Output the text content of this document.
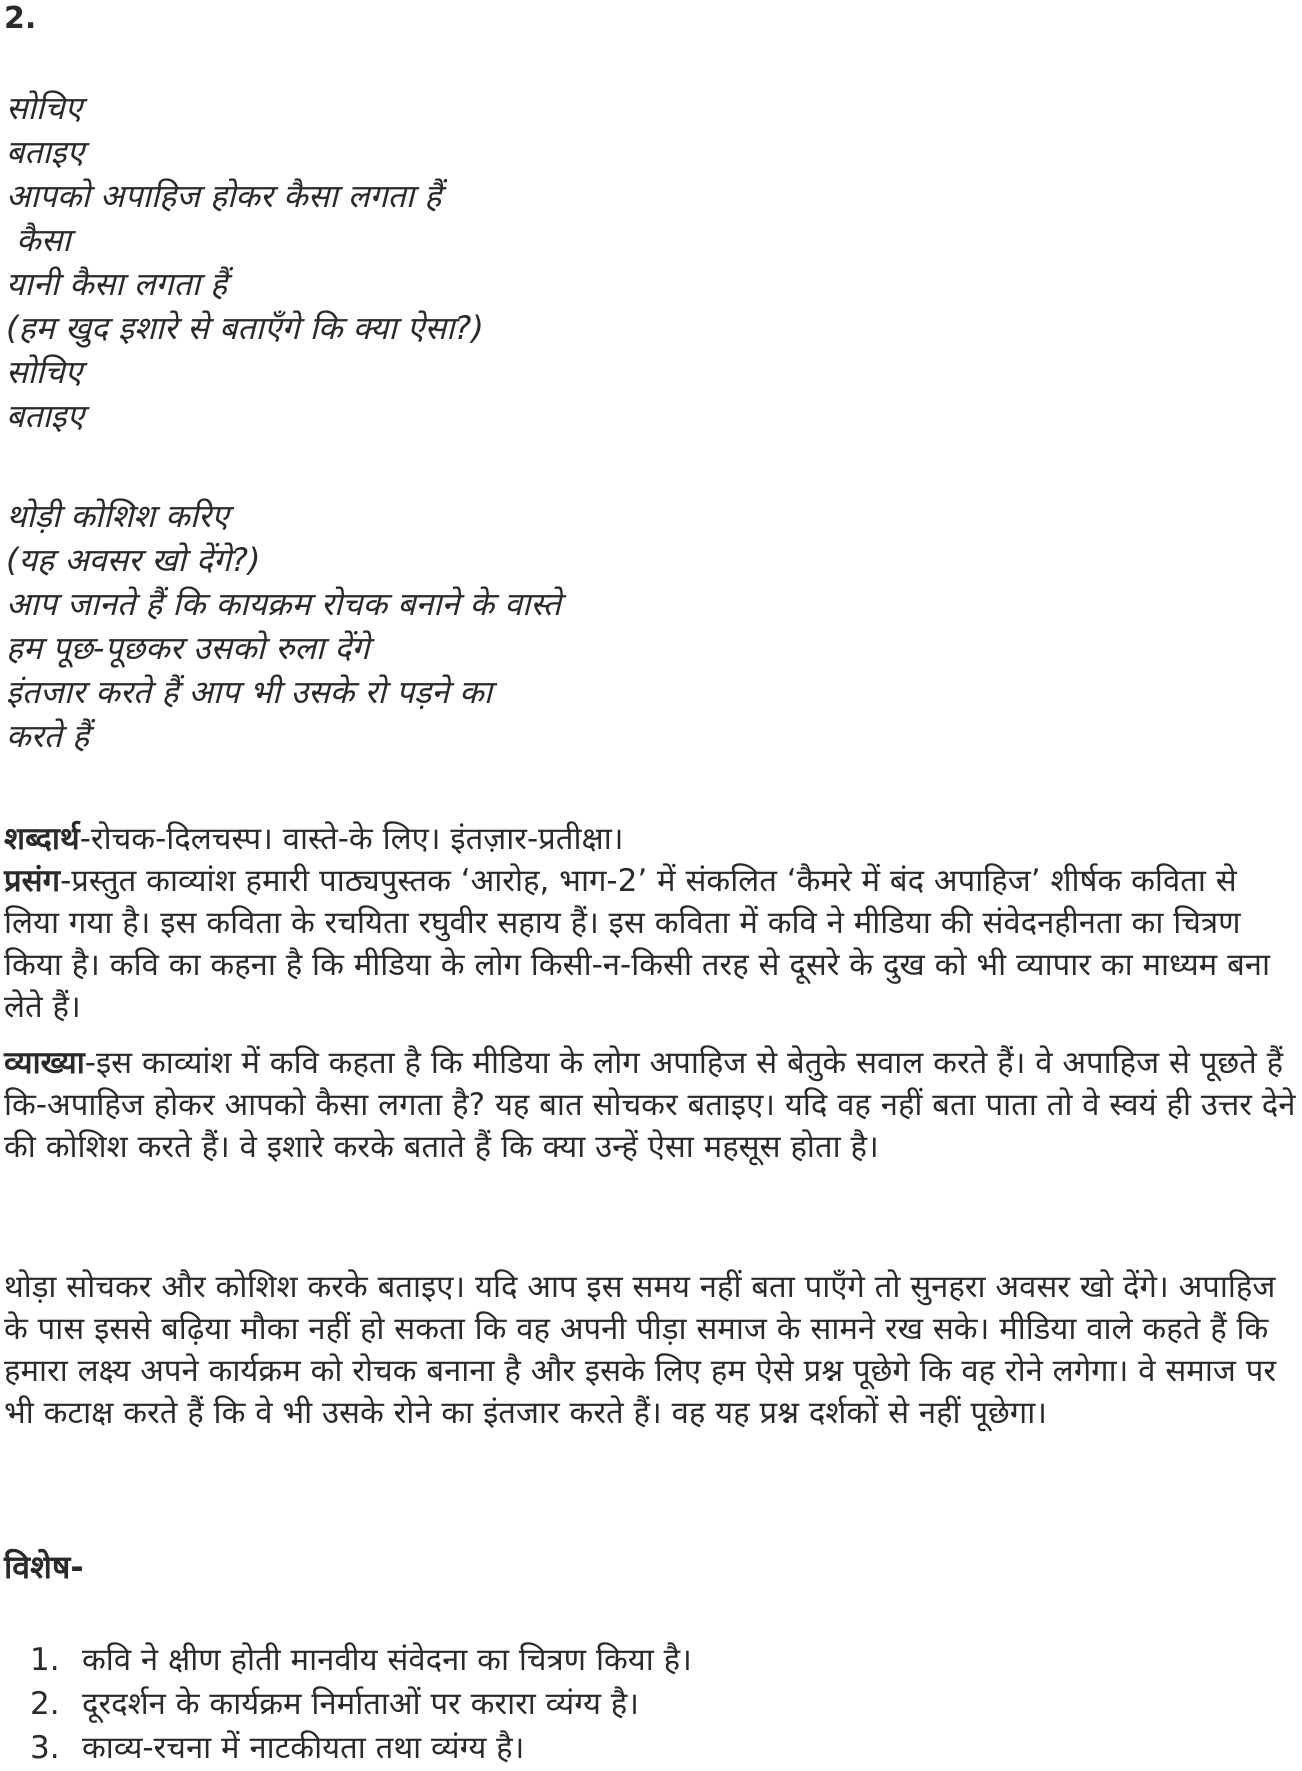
2.
सोचिए
बताइए
आपको अपाहिज होकर कैसा लगता हैं
कैसा
यानी कैसा लगता हैं
(हम खुद इशारे से बताएँगे कि क्या ऐसा?)
सोचिए
बताइए
थोड़ी कोशिश करिए
(यह अवसर खो देंगे?)
आप जानते हैं कि कायक्रम रोचक बनाने के वास्ते
हम पूछ-पूछकर उसको रुला देंगे
इंतजार करते हैं आप भी उसके रो पड़ने का
करते हैं

शब्दार्थ-रोचक-दिलचस्प। वास्ते-के लिए। इंतज़ार-प्रतीक्षा।

प्रसंग-प्रस्तुत काव्यांश हमारी पाठ्यपुस्तक ‘आरोह, भाग-2’ में संकलित ‘कैमरे में बंद अपाहिज’ शीर्षक कविता से लिया गया है। इस कविता के रचयिता रघुवीर सहाय हैं। इस कविता में कवि ने मीडिया की संवेदनहीनता का चित्रण किया है। कवि का कहना है कि मीडिया के लोग किसी-न-किसी तरह से दूसरे के दुख को भी व्यापार का माध्यम बना लेते हैं।

व्याख्या-इस काव्यांश में कवि कहता है कि मीडिया के लोग अपाहिज से बेतुके सवाल करते हैं। वे अपाहिज से पूछते हैं कि-अपाहिज होकर आपको कैसा लगता है? यह बात सोचकर बताइए। यदि वह नहीं बता पाता तो वे स्वयं ही उत्तर देने की कोशिश करते हैं। वे इशारे करके बताते हैं कि क्या उन्हें ऐसा महसूस होता है।

थोड़ा सोचकर और कोशिश करके बताइए। यदि आप इस समय नहीं बता पाएँगे तो सुनहरा अवसर खो देंगे। अपाहिज के पास इससे बढ़िया मौका नहीं हो सकता कि वह अपनी पीड़ा समाज के सामने रख सके। मीडिया वाले कहते हैं कि हमारा लक्ष्य अपने कार्यक्रम को रोचक बनाना है और इसके लिए हम ऐसे प्रश्न पूछेगे कि वह रोने लगेगा। वे समाज पर भी कटाक्ष करते हैं कि वे भी उसके रोने का इंतजार करते हैं। वह यह प्रश्न दर्शकों से नहीं पूछेगा।

विशेष-
1. कवि ने क्षीण होती मानवीय संवेदना का चित्रण किया है।
2. दूरदर्शन के कार्यक्रम निर्माताओं पर करारा व्यंग्य है।
3. काव्य-रचना में नाटकीयता तथा व्यंग्य है।
